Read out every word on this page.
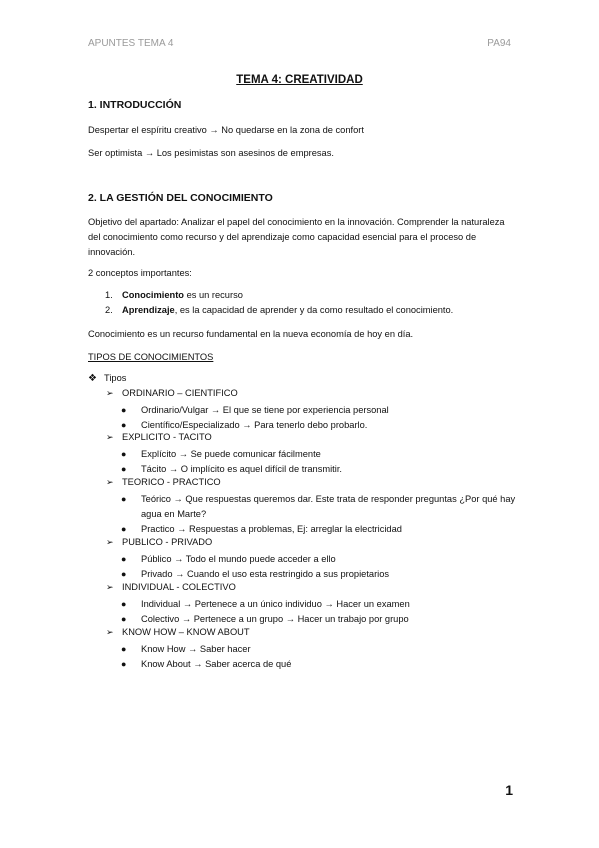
APUNTES TEMA 4	PA94
TEMA 4: CREATIVIDAD
1. INTRODUCCIÓN
Despertar el espíritu creativo → No quedarse en la zona de confort
Ser optimista → Los pesimistas son asesinos de empresas.
2. LA GESTIÓN DEL CONOCIMIENTO
Objetivo del apartado: Analizar el papel del conocimiento en la innovación. Comprender la naturaleza del conocimiento como recurso y del aprendizaje como capacidad esencial para el proceso de innovación.
2 conceptos importantes:
1. Conocimiento es un recurso
2. Aprendizaje, es la capacidad de aprender y da como resultado el conocimiento.
Conocimiento es un recurso fundamental en la nueva economía de hoy en día.
TIPOS DE CONOCIMIENTOS
❖ Tipos
➢ ORDINARIO – CIENTIFICO
● Ordinario/Vulgar → El que se tiene por experiencia personal
● Científico/Especializado → Para tenerlo debo probarlo.
➢ EXPLICITO - TACITO
● Explícito → Se puede comunicar fácilmente
● Tácito → O implícito es aquel difícil de transmitir.
➢ TEORICO - PRACTICO
● Teórico → Que respuestas queremos dar. Este trata de responder preguntas ¿Por qué hay agua en Marte?
● Practico → Respuestas a problemas, Ej: arreglar la electricidad
➢ PUBLICO - PRIVADO
● Público → Todo el mundo puede acceder a ello
● Privado → Cuando el uso esta restringido a sus propietarios
➢ INDIVIDUAL - COLECTIVO
● Individual → Pertenece a un único individuo → Hacer un examen
● Colectivo → Pertenece a un grupo → Hacer un trabajo por grupo
➢ KNOW HOW – KNOW ABOUT
● Know How → Saber hacer
● Know About → Saber acerca de qué
1
